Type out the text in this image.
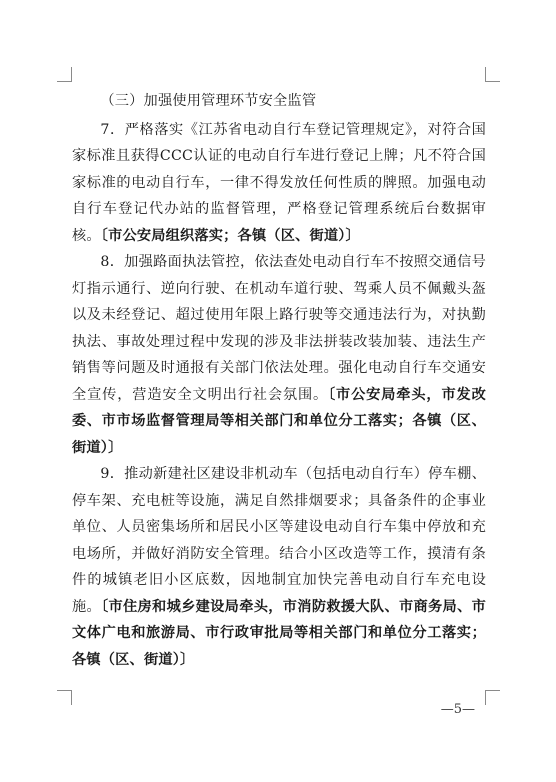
（三）加强使用管理环节安全监管

7．严格落实《江苏省电动自行车登记管理规定》，对符合国家标准且获得CCC认证的电动自行车进行登记上牌；凡不符合国家标准的电动自行车，一律不得发放任何性质的牌照。加强电动自行车登记代办站的监督管理，严格登记管理系统后台数据审核。〔市公安局组织落实；各镇（区、街道）〕

8．加强路面执法管控，依法查处电动自行车不按照交通信号灯指示通行、逆向行驶、在机动车道行驶、驾乘人员不佩戴头盔以及未经登记、超过使用年限上路行驶等交通违法行为，对执勤执法、事故处理过程中发现的涉及非法拼装改装加装、违法生产销售等问题及时通报有关部门依法处理。强化电动自行车交通安全宣传，营造安全文明出行社会氛围。〔市公安局牵头，市发改委、市市场监督管理局等相关部门和单位分工落实；各镇（区、街道）〕

9．推动新建社区建设非机动车（包括电动自行车）停车棚、停车架、充电桩等设施，满足自然排烟要求；具备条件的企事业单位、人员密集场所和居民小区等建设电动自行车集中停放和充电场所，并做好消防安全管理。结合小区改造等工作，摸清有条件的城镇老旧小区底数，因地制宜加快完善电动自行车充电设施。〔市住房和城乡建设局牵头，市消防救援大队、市商务局、市文体广电和旅游局、市行政审批局等相关部门和单位分工落实；各镇（区、街道）〕

—5—
